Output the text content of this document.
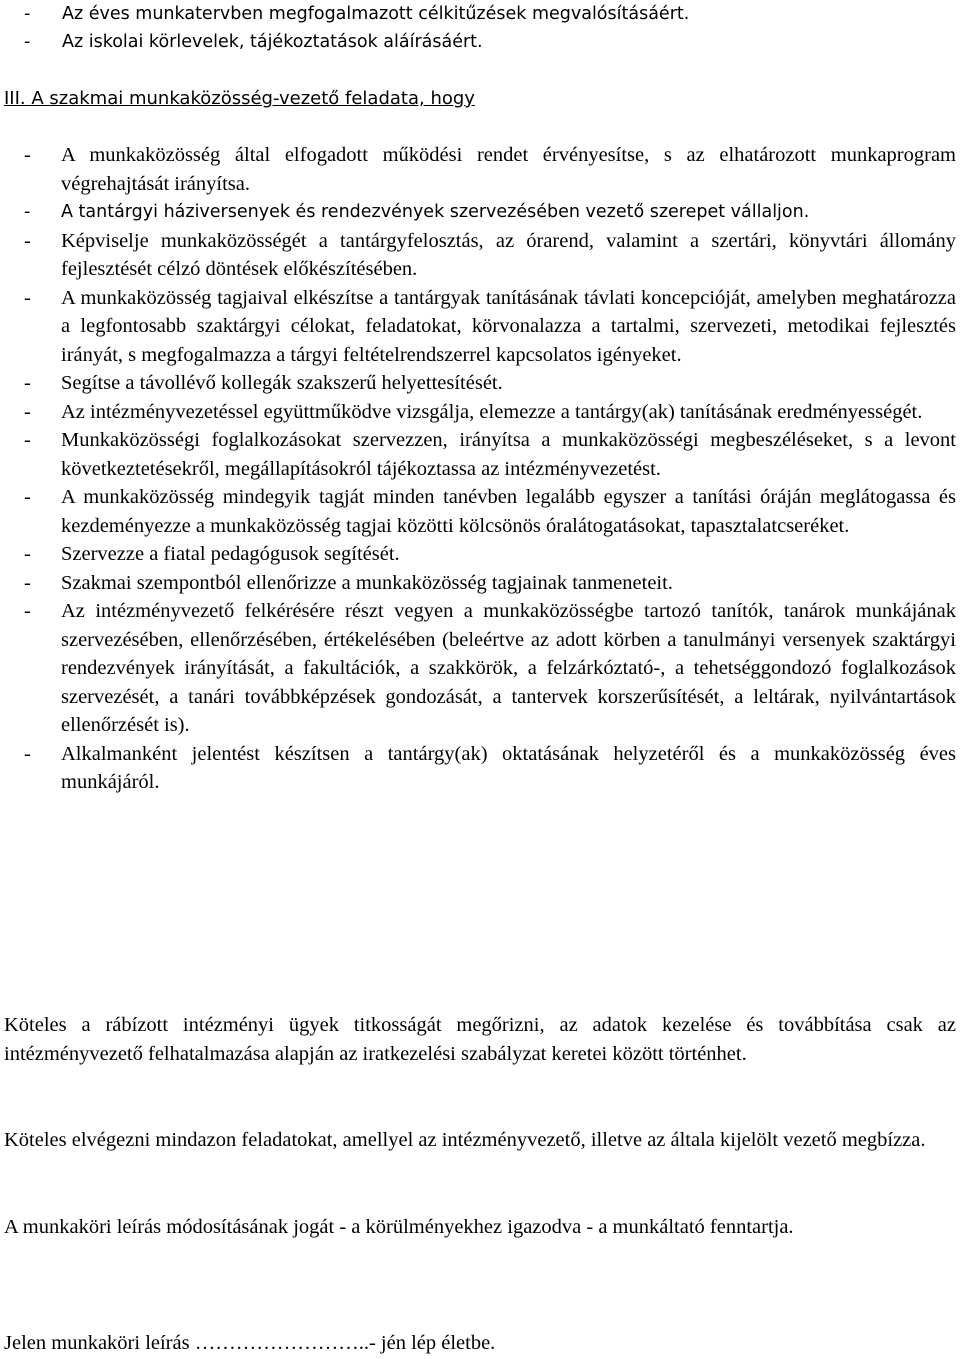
- Az éves munkatervben megfogalmazott célkitűzések megvalósításáért.
- Az iskolai körlevelek, tájékoztatások aláírásáért.
III. A szakmai munkaközösség-vezető feladata, hogy
- A munkaközösség által elfogadott működési rendet érvényesítse, s az elhatározott munkaprogram végrehajtását irányítsa.
- A tantárgyi háziversenyek és rendezvények szervezésében vezető szerepet vállaljon.
- Képviselje munkaközösségét a tantárgyfelosztás, az órarend, valamint a szertári, könyvtári állomány fejlesztését célzó döntések előkészítésében.
- A munkaközösség tagjaival elkészítse a tantárgyak tanításának távlati koncepcióját, amelyben meghatározza a legfontosabb szaktárgyi célokat, feladatokat, körvonalazza a tartalmi, szervezeti, metodikai fejlesztés irányát, s megfogalmazza a tárgyi feltételrendszerrel kapcsolatos igényeket.
- Segítse a távollévő kollegák szakszerű helyettesítését.
- Az intézményvezetéssel együttműködve vizsgálja, elemezze a tantárgy(ak) tanításának eredményességét.
- Munkaközösségi foglalkozásokat szervezzen, irányítsa a munkaközösségi megbeszéléseket, s a levont következtetésekről, megállapításokról tájékoztassa az intézményvezetést.
- A munkaközösség mindegyik tagját minden tanévben legalább egyszer a tanítási óráján meglátogassa és kezdeményezze a munkaközösség tagjai közötti kölcsönös óralátogatásokat, tapasztalatcseréket.
- Szervezze a fiatal pedagógusok segítését.
- Szakmai szempontból ellenőrizze a munkaközösség tagjainak tanmeneteit.
- Az intézményvezető felkérésére részt vegyen a munkaközösségbe tartozó tanítók, tanárok munkájának szervezésében, ellenőrzésében, értékelésében (beleértve az adott körben a tanulmányi versenyek szaktárgyi rendezvények irányítását, a fakultációk, a szakkörök, a felzárkóztató-, a tehetséggondozó foglalkozások szervezését, a tanári továbbképzések gondozását, a tantervek korszerűsítését, a leltárak, nyilvántartások ellenőrzését is).
- Alkalmanként jelentést készítsen a tantárgy(ak) oktatásának helyzetéről és a munkaközösség éves munkájáról.

Köteles a rábízott intézményi ügyek titkosságát megőrizni, az adatok kezelése és továbbítása csak az intézményvezető felhatalmazása alapján az iratkezelési szabályzat keretei között történhet.

Köteles elvégezni mindazon feladatokat, amellyel az intézményvezető, illetve az általa kijelölt vezető megbízza.

A munkaköri leírás módosításának jogát - a körülményekhez igazodva - a munkáltató fenntartja.

Jelen munkaköri leírás ……………………..- jén lép életbe.
